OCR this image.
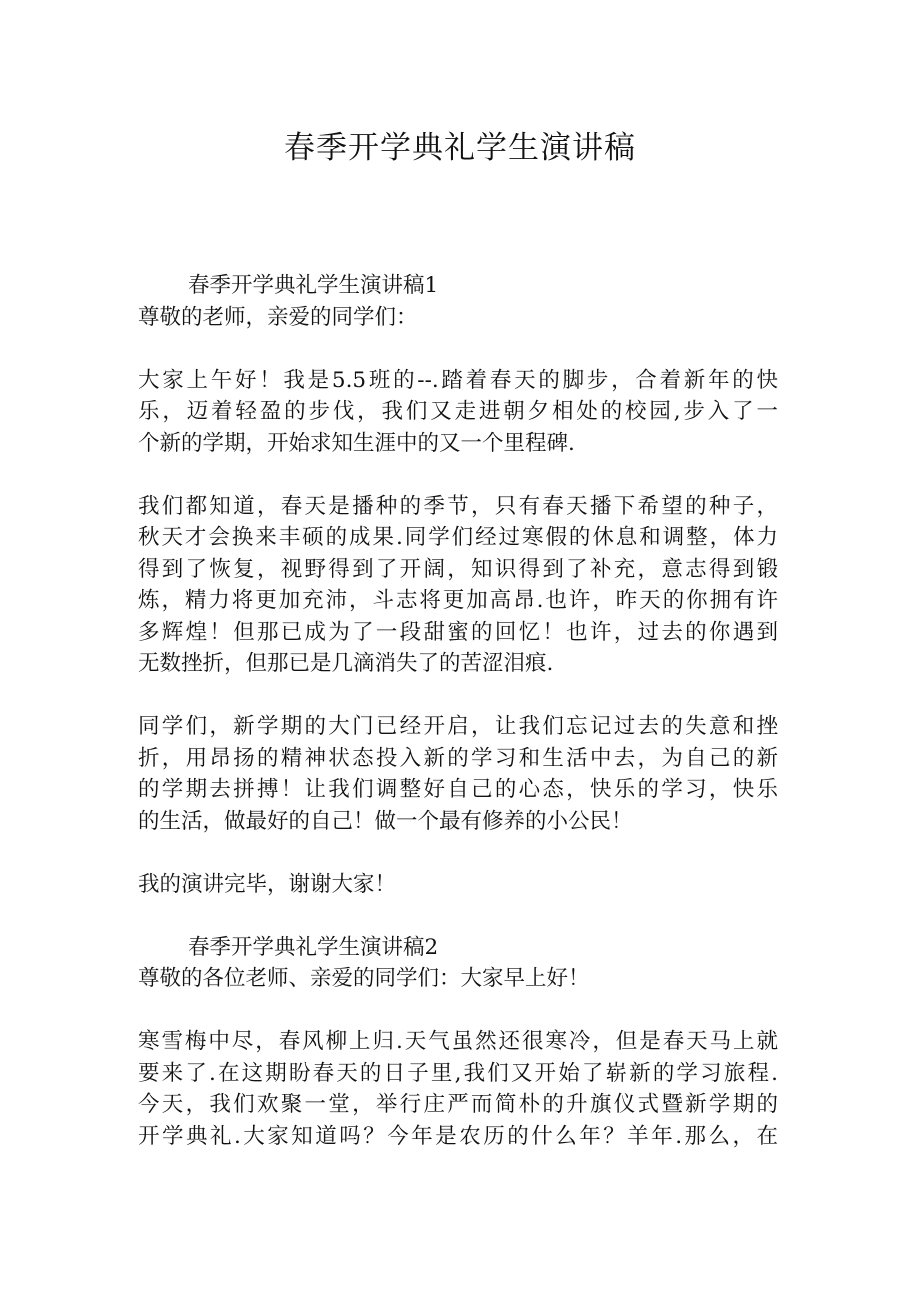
春季开学典礼学生演讲稿
春季开学典礼学生演讲稿1
尊敬的老师，亲爱的同学们：
大家上午好！我是5.5班的--.踏着春天的脚步，合着新年的快
乐，迈着轻盈的步伐，我们又走进朝夕相处的校园,步入了一
个新的学期，开始求知生涯中的又一个里程碑.
我们都知道，春天是播种的季节，只有春天播下希望的种子，
秋天才会换来丰硕的成果.同学们经过寒假的休息和调整，体力
得到了恢复，视野得到了开阔，知识得到了补充，意志得到锻
炼，精力将更加充沛，斗志将更加高昂.也许，昨天的你拥有许
多辉煌！但那已成为了一段甜蜜的回忆！也许，过去的你遇到
无数挫折，但那已是几滴消失了的苦涩泪痕.
同学们，新学期的大门已经开启，让我们忘记过去的失意和挫
折，用昂扬的精神状态投入新的学习和生活中去，为自己的新
的学期去拼搏！让我们调整好自己的心态，快乐的学习，快乐
的生活，做最好的自己！做一个最有修养的小公民！
我的演讲完毕，谢谢大家！
春季开学典礼学生演讲稿2
尊敬的各位老师、亲爱的同学们：大家早上好！
寒雪梅中尽，春风柳上归.天气虽然还很寒冷，但是春天马上就
要来了.在这期盼春天的日子里,我们又开始了崭新的学习旅程.
今天，我们欢聚一堂，举行庄严而简朴的升旗仪式暨新学期的
开学典礼.大家知道吗？今年是农历的什么年？羊年.那么，在
